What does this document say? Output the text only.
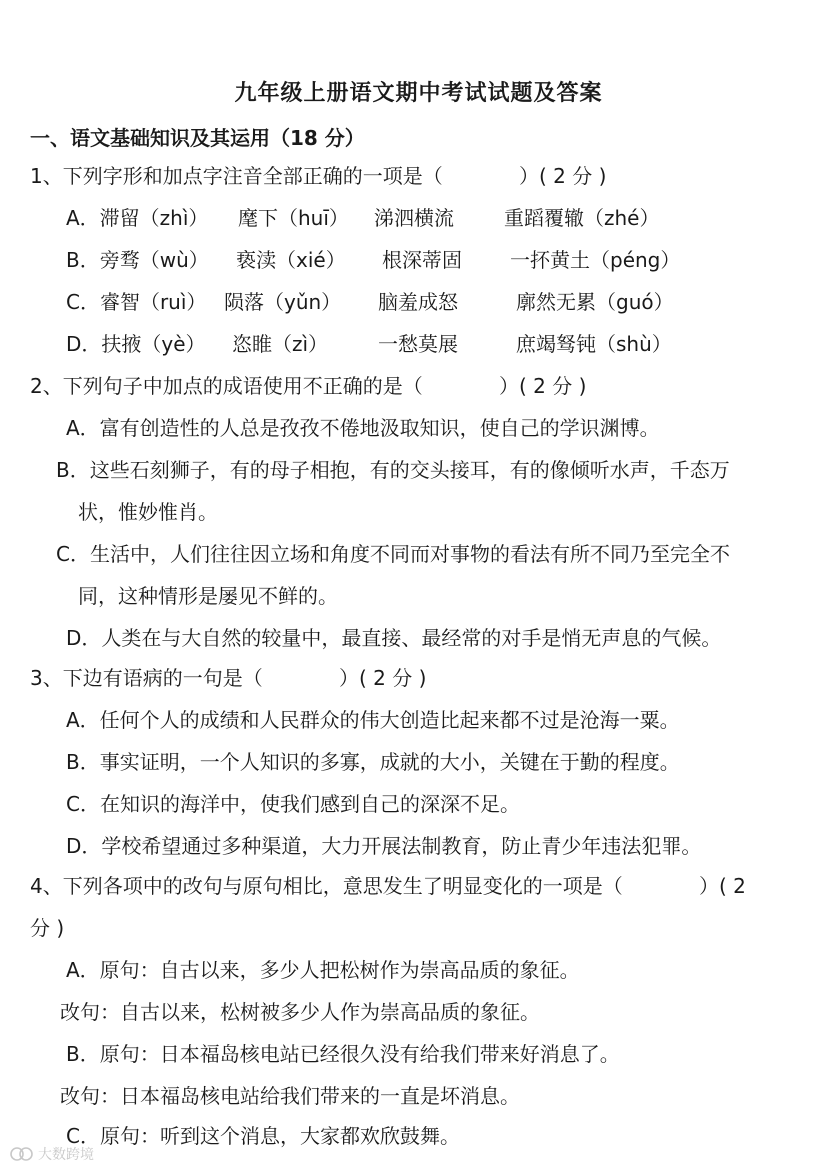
九年级上册语文期中考试试题及答案
一、语文基础知识及其运用（18 分）
1、下列字形和加点字注音全部正确的一项是（            ）( 2 分 )
A．滞留（zhì） 麾下（huī） 涕泗横流	重蹈覆辙（zhé）
B．旁骛（wù） 亵渎（xié） 根深蒂固 一抔黄土（péng）
C．睿智（ruì） 陨落（yǔn） 脑羞成怒	廓然无累（guó）
D．扶掖（yè） 恣睢（zì） 一愁莫展	庶竭驽钝（shù）
2、下列句子中加点的成语使用不正确的是（            ）( 2 分 )
A．富有创造性的人总是孜孜不倦地汲取知识，使自己的学识渊博。
B．这些石刻狮子，有的母子相抱，有的交头接耳，有的像倾听水声，千态万
状，惟妙惟肖。
C．生活中，人们往往因立场和角度不同而对事物的看法有所不同乃至完全不
同，这种情形是屡见不鲜的。
D．人类在与大自然的较量中，最直接、最经常的对手是悄无声息的气候。
3、下边有语病的一句是（            ）( 2 分 )
A．任何个人的成绩和人民群众的伟大创造比起来都不过是沧海一粟。
B．事实证明，一个人知识的多寡，成就的大小，关键在于勤的程度。
C．在知识的海洋中，使我们感到自己的深深不足。
D．学校希望通过多种渠道，大力开展法制教育，防止青少年违法犯罪。
4、下列各项中的改句与原句相比，意思发生了明显变化的一项是（            ）( 2
分 )
A．原句：自古以来，多少人把松树作为崇高品质的象征。
改句：自古以来，松树被多少人作为崇高品质的象征。
B．原句：日本福岛核电站已经很久没有给我们带来好消息了。
改句：日本福岛核电站给我们带来的一直是坏消息。
C．原句：听到这个消息，大家都欢欣鼓舞。
大数跨境
